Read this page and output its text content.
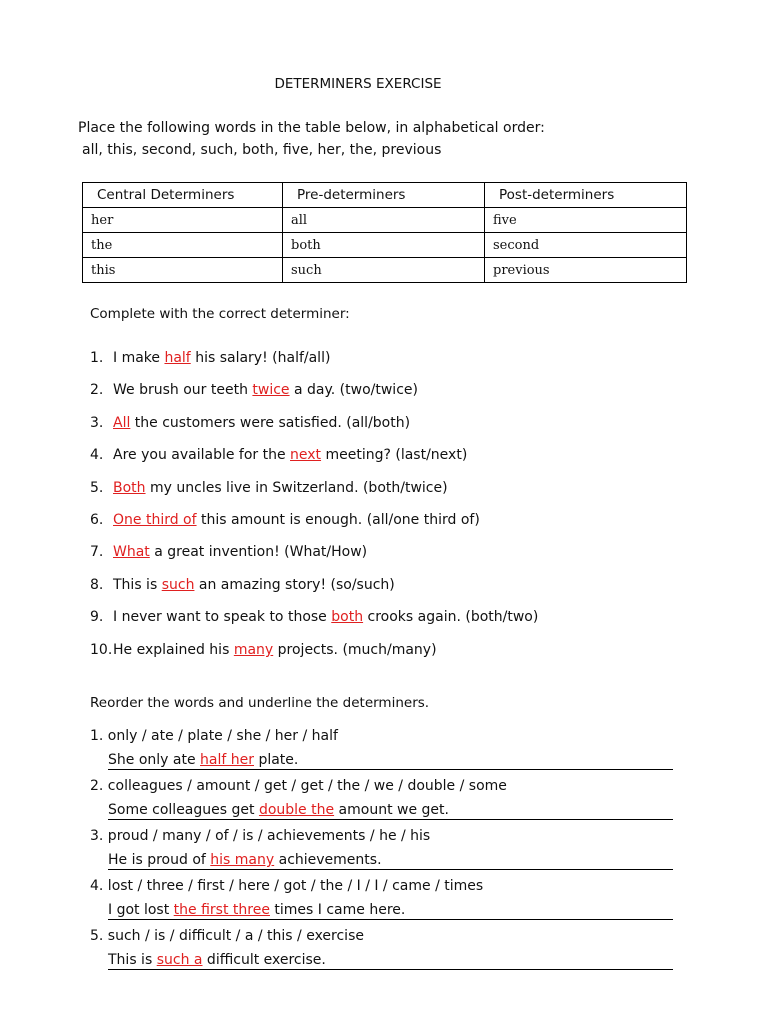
DETERMINERS EXERCISE
Place the following words in the table below, in alphabetical order:
all, this, second, such, both, five, her, the, previous
Central Determiners	Pre-determiners	Post-determiners
her	all	five
the	both	second
this	such	previous
Complete with the correct determiner:
1. I make half his salary! (half/all)
2. We brush our teeth twice a day. (two/twice)
3. All the customers were satisfied. (all/both)
4. Are you available for the next meeting? (last/next)
5. Both my uncles live in Switzerland. (both/twice)
6. One third of this amount is enough. (all/one third of)
7. What a great invention! (What/How)
8. This is such an amazing story! (so/such)
9. I never want to speak to those both crooks again. (both/two)
10.He explained his many projects. (much/many)
Reorder the words and underline the determiners.
1. only / ate / plate / she / her / half
She only ate half her plate.
2. colleagues / amount / get / get / the / we / double / some
Some colleagues get double the amount we get.
3. proud / many / of / is / achievements / he / his
He is proud of his many achievements.
4. lost / three / first / here / got / the / I / I / came / times
I got lost the first three times I came here.
5. such / is / difficult / a / this / exercise
This is such a difficult exercise.
